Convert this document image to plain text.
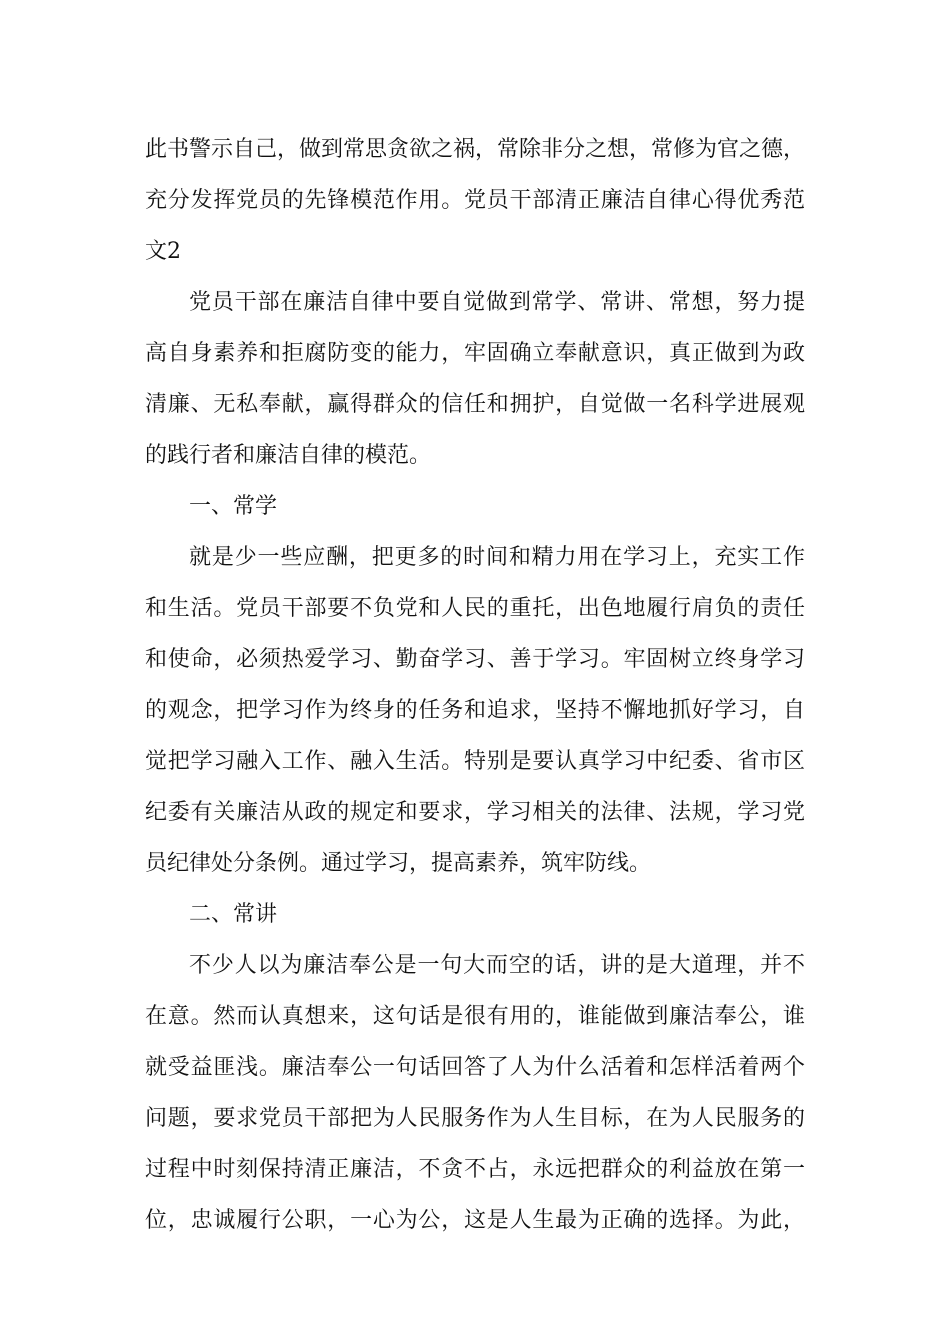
此书警示自己，做到常思贪欲之祸，常除非分之想，常修为官之德，
充分发挥党员的先锋模范作用。党员干部清正廉洁自律心得优秀范
文2
党员干部在廉洁自律中要自觉做到常学、常讲、常想，努力提
高自身素养和拒腐防变的能力，牢固确立奉献意识，真正做到为政
清廉、无私奉献，赢得群众的信任和拥护，自觉做一名科学进展观
的践行者和廉洁自律的模范。
一、常学
就是少一些应酬，把更多的时间和精力用在学习上，充实工作
和生活。党员干部要不负党和人民的重托，出色地履行肩负的责任
和使命，必须热爱学习、勤奋学习、善于学习。牢固树立终身学习
的观念，把学习作为终身的任务和追求，坚持不懈地抓好学习，自
觉把学习融入工作、融入生活。特别是要认真学习中纪委、省市区
纪委有关廉洁从政的规定和要求，学习相关的法律、法规，学习党
员纪律处分条例。通过学习，提高素养，筑牢防线。
二、常讲
不少人以为廉洁奉公是一句大而空的话，讲的是大道理，并不
在意。然而认真想来，这句话是很有用的，谁能做到廉洁奉公，谁
就受益匪浅。廉洁奉公一句话回答了人为什么活着和怎样活着两个
问题，要求党员干部把为人民服务作为人生目标，在为人民服务的
过程中时刻保持清正廉洁，不贪不占，永远把群众的利益放在第一
位，忠诚履行公职，一心为公，这是人生最为正确的选择。为此，
